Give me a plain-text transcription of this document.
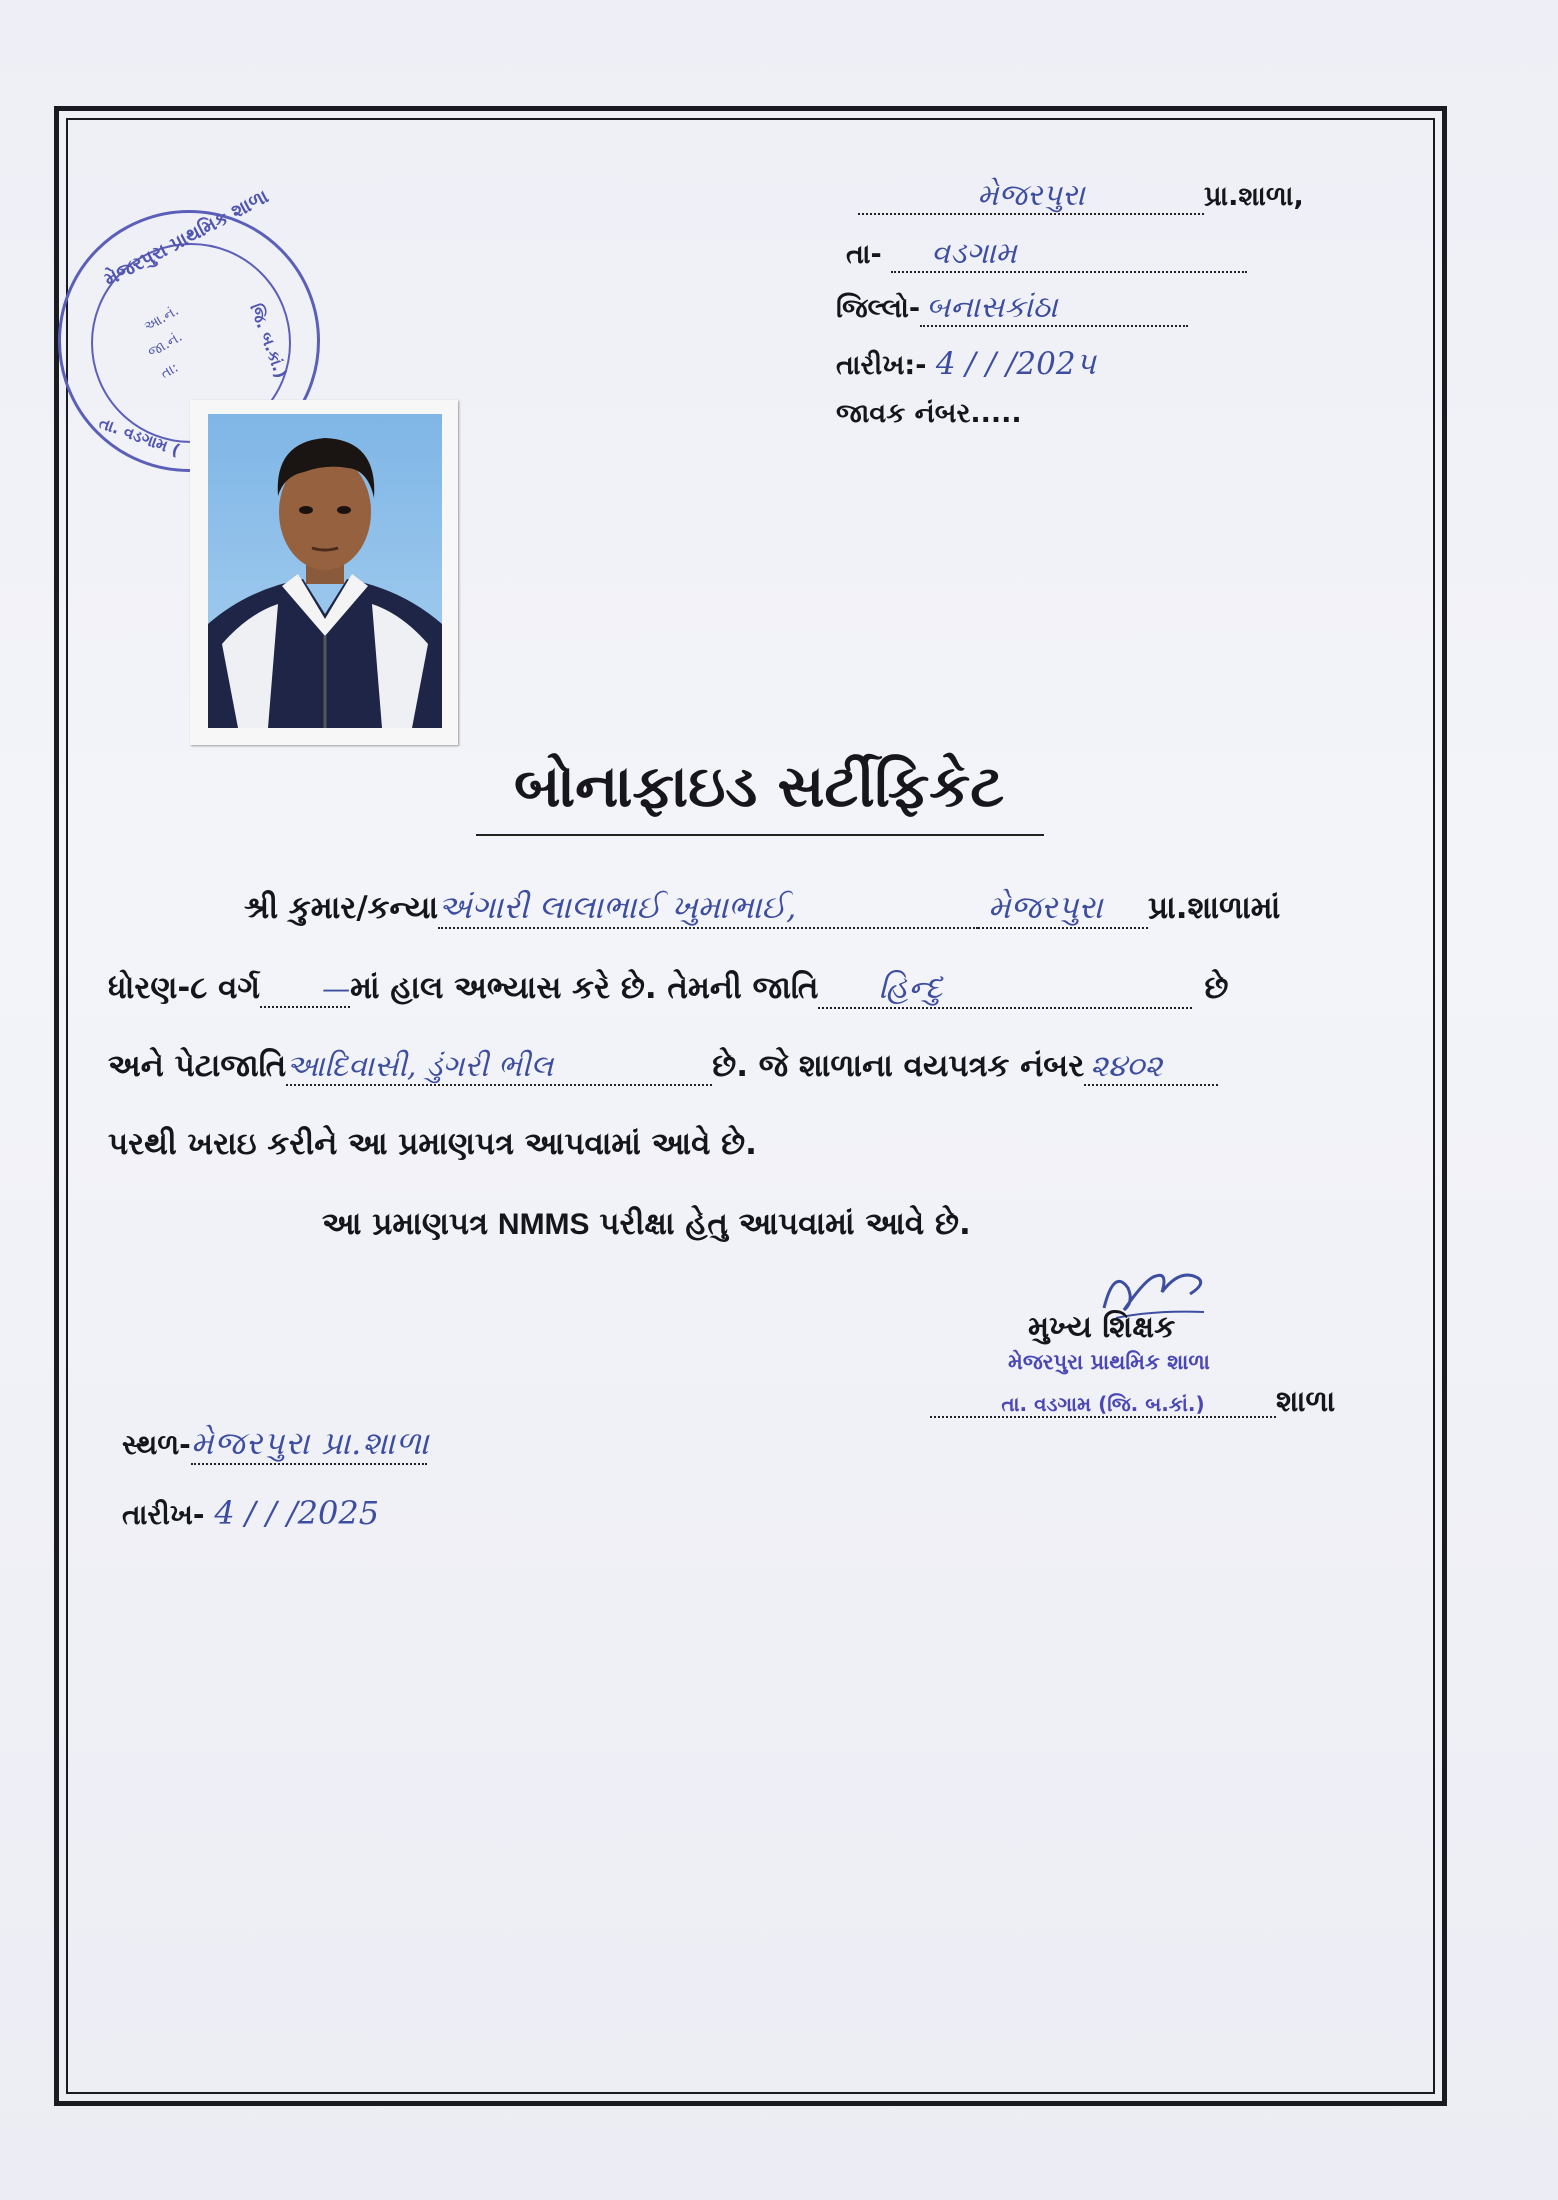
મેજરપુરા	પ્રા.શાળા,
તા- વડગામ
જિલ્લો- બનાસકાંઠા
તારીખ:- 4 / / /202પ
જાવક નંબર.....
મેજરપુરા પ્રાથમિક શાળા
જિ. બ.કાં.)
તા. વડગામ (
આ.નં.
જા.નં.
તા:
બોનાફાઇડ સર્ટીફિકેટ
શ્રી કુમાર/કન્યાઅંગારી લાલાભાઈ ખુમાભાઈ,	મેજરપુરા પ્રા.શાળામાં
ધોરણ-૮ વર્ગ —માં હાલ અભ્યાસ કરે છે. તેમની જાતિ હિન્દુ	છે
અને પેટાજાતિઆદિવાસી, ડુંગરી ભીલ	છે. જે શાળાના વયપત્રક નંબર ૨૪૦૨
પરથી ખરાઇ કરીને આ પ્રમાણપત્ર આપવામાં આવે છે.
આ પ્રમાણપત્ર NMMS પરીક્ષા હેતુ આપવામાં આવે છે.
મુખ્ય શિક્ષક
મેજરપુરા પ્રાથમિક શાળા
તા. વડગામ (જિ. બ.કાં.) શાળા
સ્થળ-મેજરપુરા પ્રા.શાળા
તારીખ- 4 / / /2025
